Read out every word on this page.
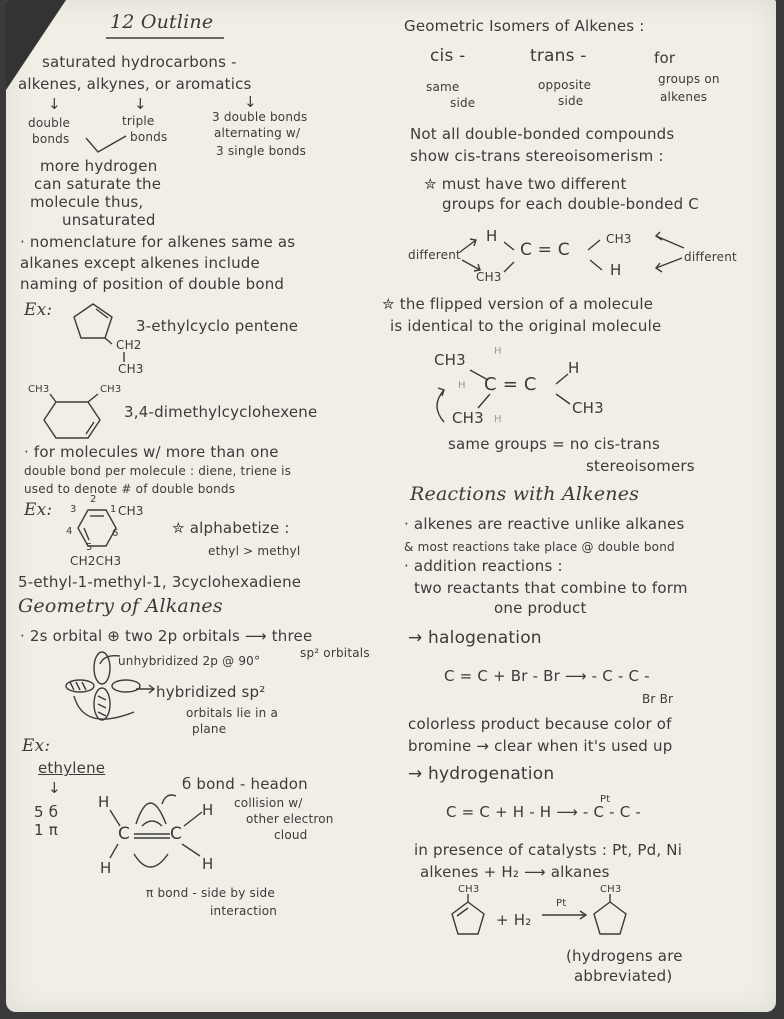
12 Outline
saturated hydrocarbons -
alkenes, alkynes, or aromatics
↓	↓	↓
double
bonds
triple
bonds
3 double bonds
alternating w/
3 single bonds
more hydrogen
can saturate the
molecule thus,
unsaturated
· nomenclature for alkenes same as
alkanes except alkenes include
naming of position of double bond
Ex:
CH2
CH3
3-ethylcyclo pentene
CH3	CH3
3,4-dimethylcyclohexene
· for molecules w/ more than one
double bond per molecule : diene, triene is
used to denote # of double bonds
Ex: 3
2
1
4
5
6
CH3
CH2CH3
✮ alphabetize :
ethyl > methyl
5-ethyl-1-methyl-1, 3cyclohexadiene
Geometry of Alkanes
· 2s orbital ⊕ two 2p orbitals ⟶ three
sp² orbitals
unhybridized 2p @ 90°
hybridized sp²
orbitals lie in a
plane
Ex:
ethylene
↓
5 б
1 π
H	H
C C
H	H
б bond - headon
collision w/
other electron
cloud
π bond - side by side
interaction
Geometric Isomers of Alkenes :
cis -	trans -	for
same
side
opposite
side
groups on
alkenes
Not all double-bonded compounds
show cis-trans stereoisomerism :
✮ must have two different
groups for each double-bonded C
different	different
H
CH3
C = C
CH3
H
✮ the flipped version of a molecule
is identical to the original molecule
CH3	H
H C = C
H
CH3
CH3 H
same groups = no cis-trans
stereoisomers
Reactions with Alkenes
· alkenes are reactive unlike alkanes
& most reactions take place @ double bond
· addition reactions :
two reactants that combine to form
one product
→ halogenation
C = C + Br - Br ⟶ - C - C -
Br Br
colorless product because color of
bromine → clear when it's used up
→ hydrogenation
Pt
C = C + H - H ⟶ - C - C -
in presence of catalysts : Pt, Pd, Ni
alkenes + H₂ ⟶ alkanes
CH3
+ H₂
Pt
CH3
(hydrogens are
abbreviated)
